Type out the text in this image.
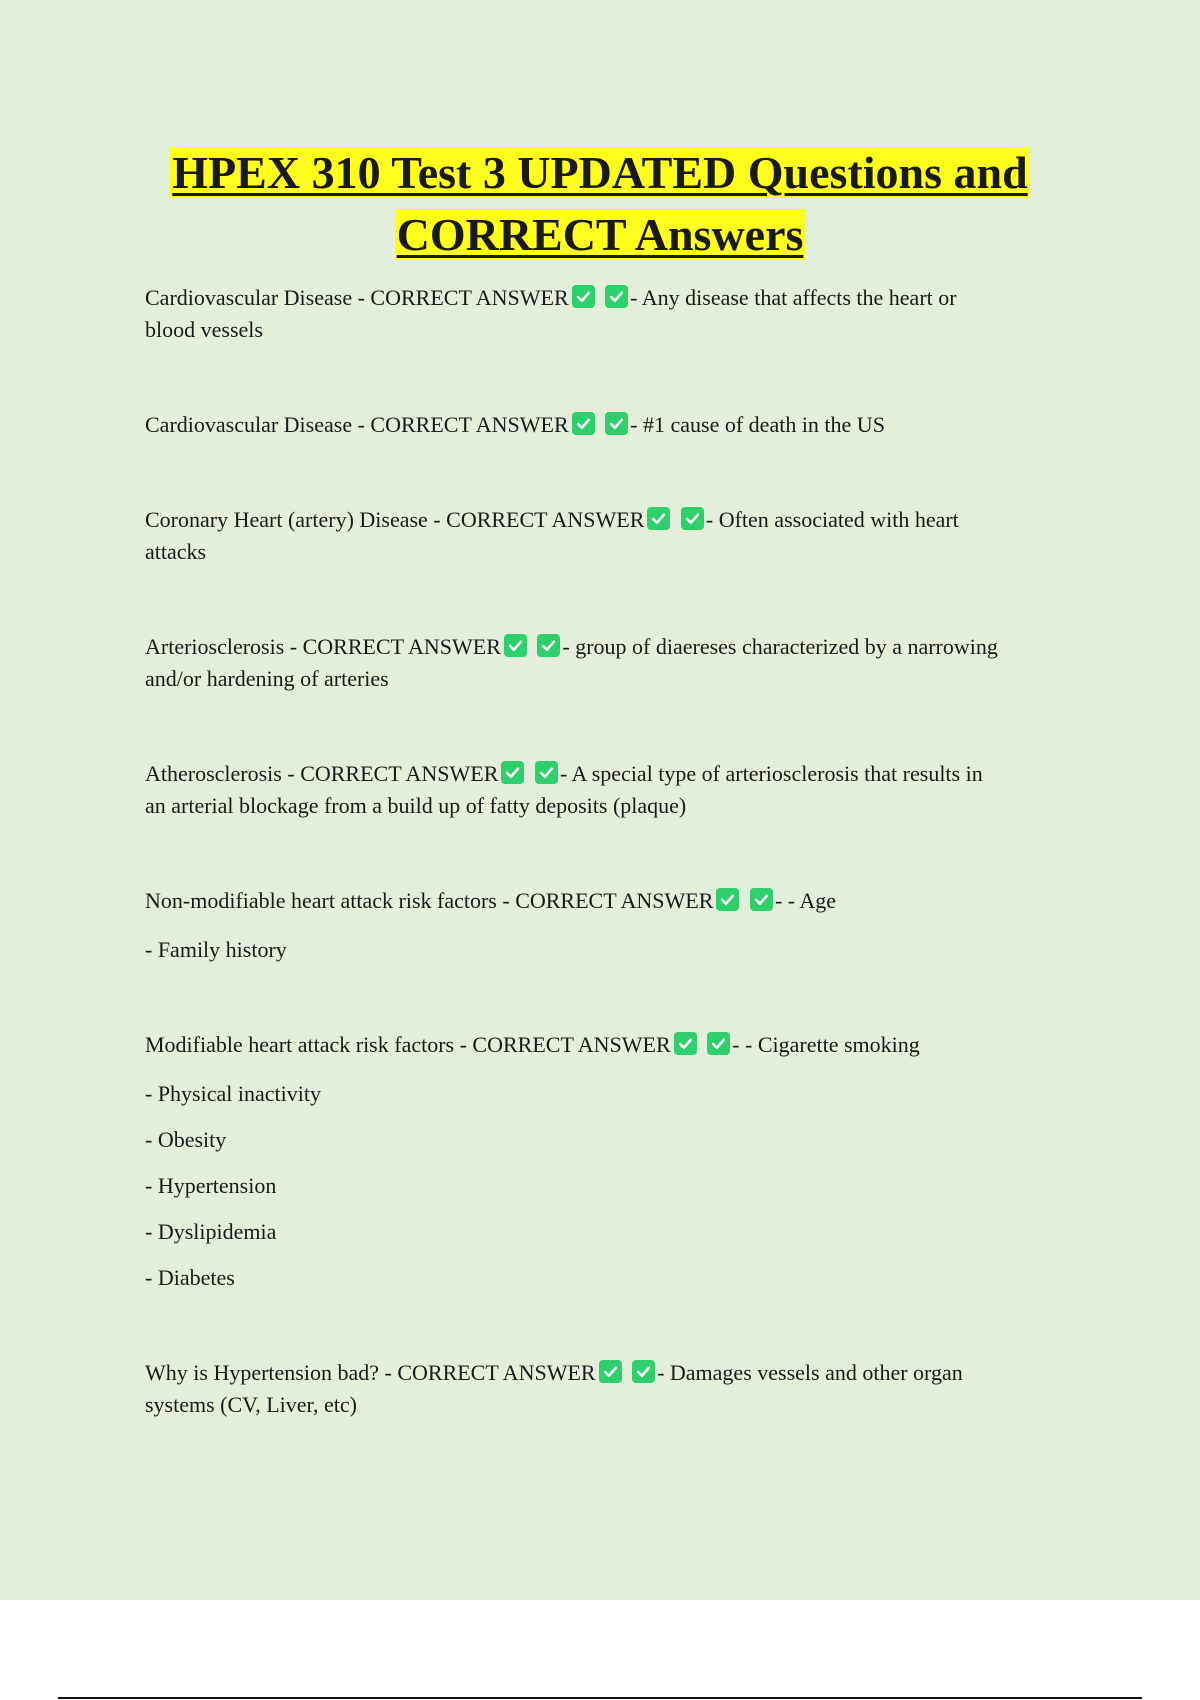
HPEX 310 Test 3 UPDATED Questions and
CORRECT Answers

Cardiovascular Disease - CORRECT ANSWER
	- Any disease that affects the heart or
blood vessels

Cardiovascular Disease - CORRECT ANSWER
	- #1 cause of death in the US

Coronary Heart (artery) Disease - CORRECT ANSWER
	- Often associated with heart
attacks

Arteriosclerosis - CORRECT ANSWER
	- group of diaereses characterized by a narrowing
and/or hardening of arteries

Atherosclerosis - CORRECT ANSWER
	- A special type of arteriosclerosis that results in
an arterial blockage from a build up of fatty deposits (plaque)

Non-modifiable heart attack risk factors - CORRECT ANSWER
	- - Age
- Family history

Modifiable heart attack risk factors - CORRECT ANSWER
	- - Cigarette smoking
- Physical inactivity
- Obesity
- Hypertension
- Dyslipidemia
- Diabetes

Why is Hypertension bad? - CORRECT ANSWER
	- Damages vessels and other organ
systems (CV, Liver, etc)
